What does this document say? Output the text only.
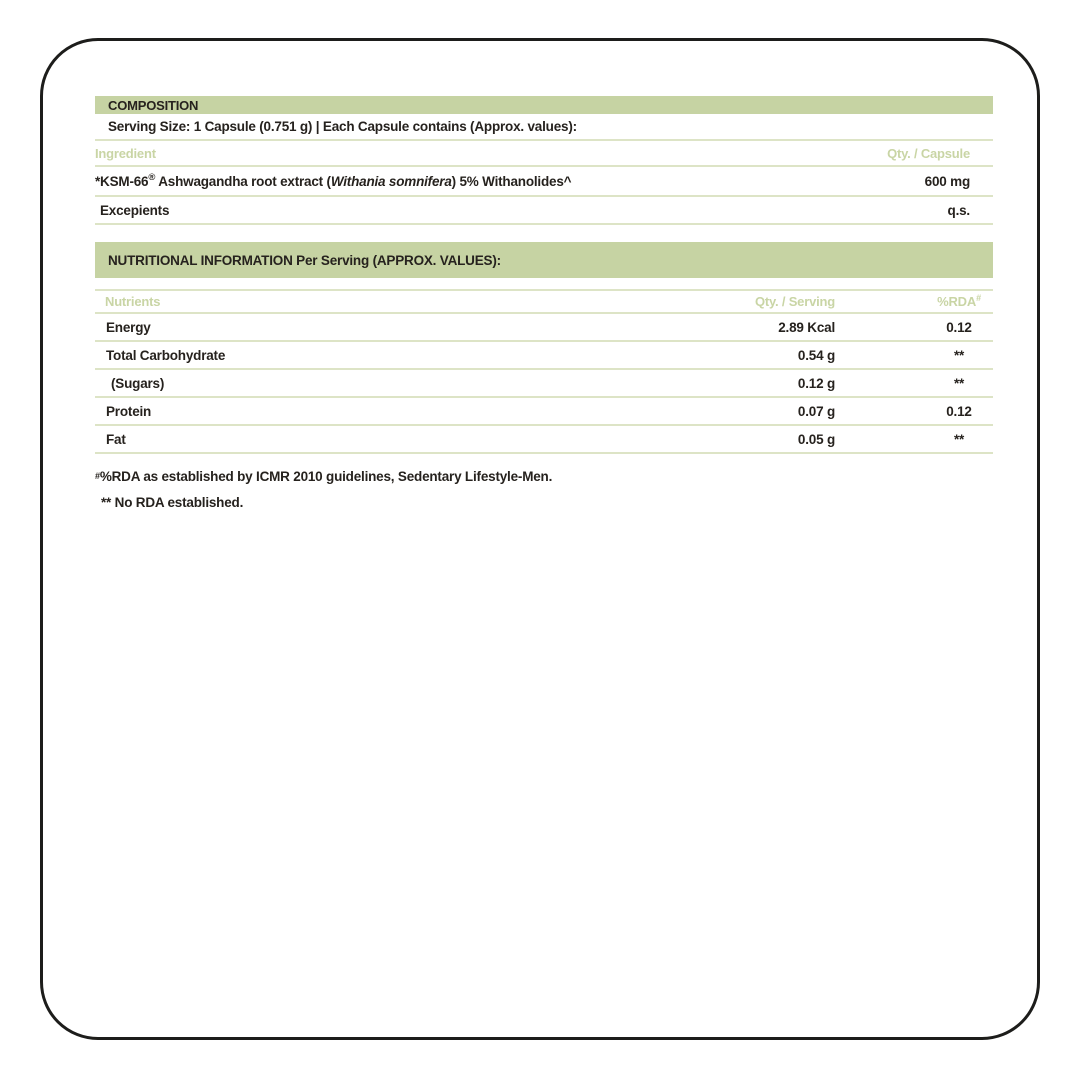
COMPOSITION
Serving Size: 1 Capsule (0.751 g) | Each Capsule contains (Approx. values):
Ingredient	Qty. / Capsule
*KSM-66® Ashwagandha root extract (Withania somnifera) 5% Withanolides^	600 mg
Excepients	q.s.
NUTRITIONAL INFORMATION Per Serving (APPROX. VALUES):
Nutrients	Qty. / Serving	%RDA#
Energy	2.89 Kcal	0.12
Total Carbohydrate	0.54 g	**
(Sugars)	0.12 g	**
Protein	0.07 g	0.12
Fat	0.05 g	**
#%RDA as established by ICMR 2010 guidelines, Sedentary Lifestyle-Men.
** No RDA established.
